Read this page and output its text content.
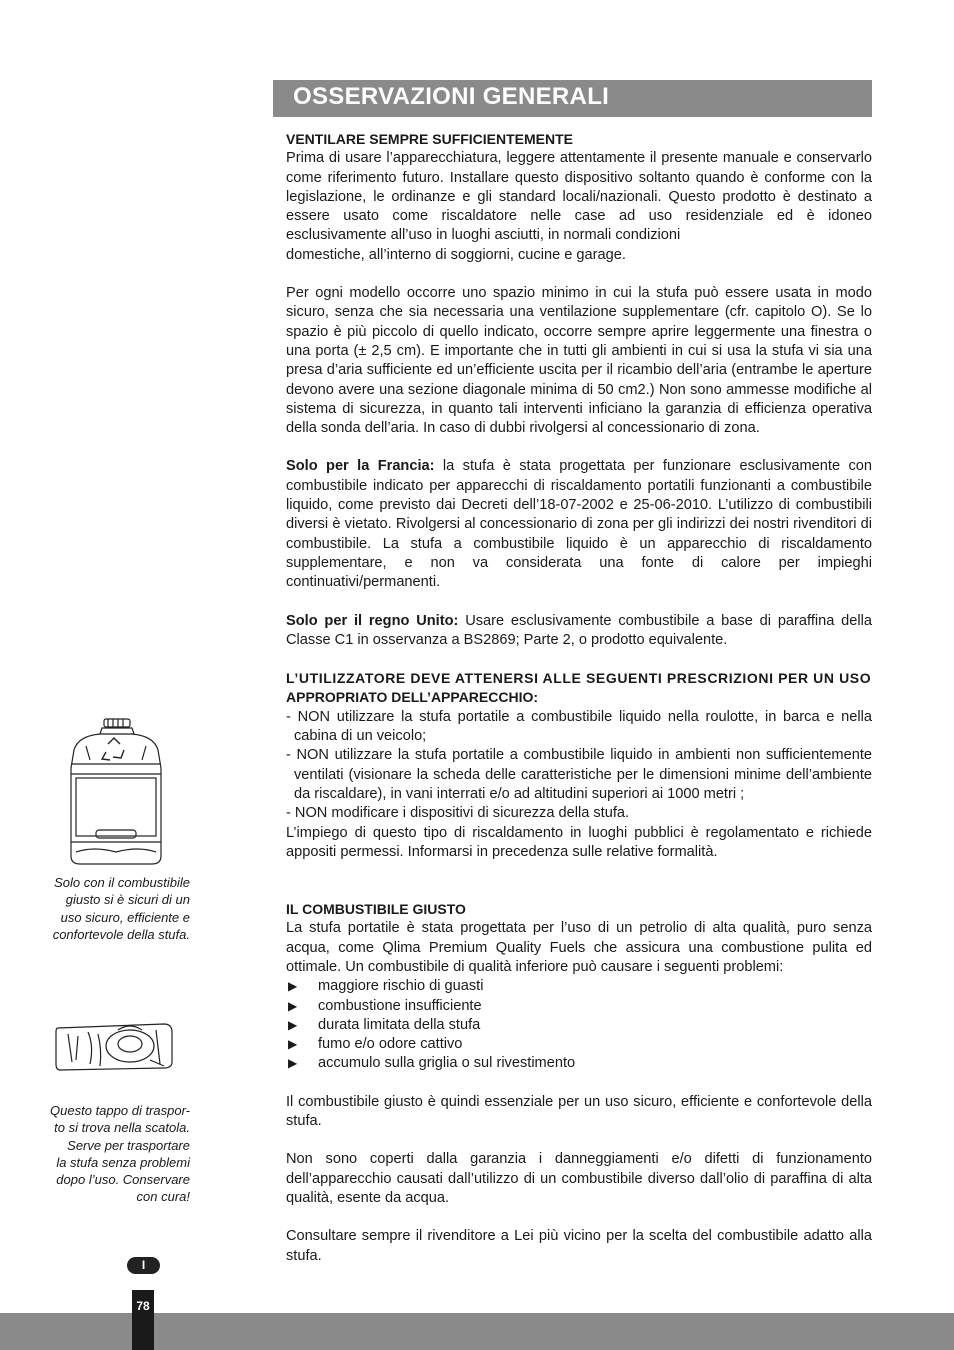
OSSERVAZIONI GENERALI

VENTILARE SEMPRE SUFFICIENTEMENTE

Prima di usare l’apparecchiatura, leggere attentamente il presente manuale e conservarlo come riferimento futuro. Installare questo dispositivo soltanto quando è conforme con la legislazione, le ordinanze e gli standard locali/nazionali. Questo prodotto è destinato a essere usato come riscaldatore nelle case ad uso residenziale ed è idoneo esclusivamente all’uso in luoghi asciutti, in normali condizioni

domestiche, all’interno di soggiorni, cucine e garage.

Per ogni modello occorre uno spazio minimo in cui la stufa può essere usata in modo sicuro, senza che sia necessaria una ventilazione supplementare (cfr. capitolo O). Se lo spazio è più piccolo di quello indicato, occorre sempre aprire leggermente una finestra o una porta (± 2,5 cm). E importante che in tutti gli ambienti in cui si usa la stufa vi sia una presa d’aria sufficiente ed un’efficiente uscita per il ricambio dell’aria (entrambe le aperture devono avere una sezione diagonale minima di 50 cm2.) Non sono ammesse modifiche al sistema di sicurezza, in quanto tali interventi inficiano la garanzia di efficienza operativa della sonda dell’aria. In caso di dubbi rivolgersi al concessionario di zona.

Solo per la Francia: la stufa è stata progettata per funzionare esclusivamente con combustibile indicato per apparecchi di riscaldamento portatili funzionanti a combustibile liquido, come previsto dai Decreti dell’18-07-2002 e 25-06-2010. L’utilizzo di combustibili diversi è vietato. Rivolgersi al concessionario di zona per gli indirizzi dei nostri rivenditori di combustibile. La stufa a combustibile liquido è un apparecchio di riscaldamento supplementare, e non va considerata una fonte di calore per impieghi continuativi/permanenti.

Solo per il regno Unito: Usare esclusivamente combustibile a base di paraffina della Classe C1 in osservanza a BS2869; Parte 2, o prodotto equivalente.

L’UTILIZZATORE DEVE ATTENERSI ALLE SEGUENTI PRESCRIZIONI PER UN USO

APPROPRIATO DELL’APPARECCHIO:

- NON utilizzare la stufa portatile a combustibile liquido nella roulotte, in barca e nella cabina di un veicolo;

- NON utilizzare la stufa portatile a combustibile liquido in ambienti non sufficientemente ventilati (visionare la scheda delle caratteristiche per le dimensioni minime dell’ambiente da riscaldare), in vani interrati e/o ad altitudini superiori ai 1000 metri ;

- NON modificare i dispositivi di sicurezza della stufa.

L’impiego di questo tipo di riscaldamento in luoghi pubblici è regolamentato e richiede appositi permessi. Informarsi in precedenza sulle relative formalità.

IL COMBUSTIBILE GIUSTO

La stufa portatile è stata progettata per l’uso di un petrolio di alta qualità, puro senza acqua, come Qlima Premium Quality Fuels che assicura una combustione pulita ed ottimale. Un combustibile di qualità inferiore può causare i seguenti problemi:

▶ maggiore rischio di guasti
▶ combustione insufficiente
▶ durata limitata della stufa
▶ fumo e/o odore cattivo
▶ accumulo sulla griglia o sul rivestimento

Il combustibile giusto è quindi essenziale per un uso sicuro, efficiente e confortevole della stufa.

Non sono coperti dalla garanzia i danneggiamenti e/o difetti di funzionamento dell’apparecchio causati dall’utilizzo di un combustibile diverso dall’olio di paraffina di alta qualità, esente da acqua.

Consultare sempre il rivenditore a Lei più vicino per la scelta del combustibile adatto alla stufa.

Solo con il combustibile
giusto si è sicuri di un
uso sicuro, efficiente e
confortevole della stufa.
Questo tappo di traspor-
to si trova nella scatola.
Serve per trasportare
la stufa senza problemi
dopo l’uso. Conservare
con cura!
I
78
